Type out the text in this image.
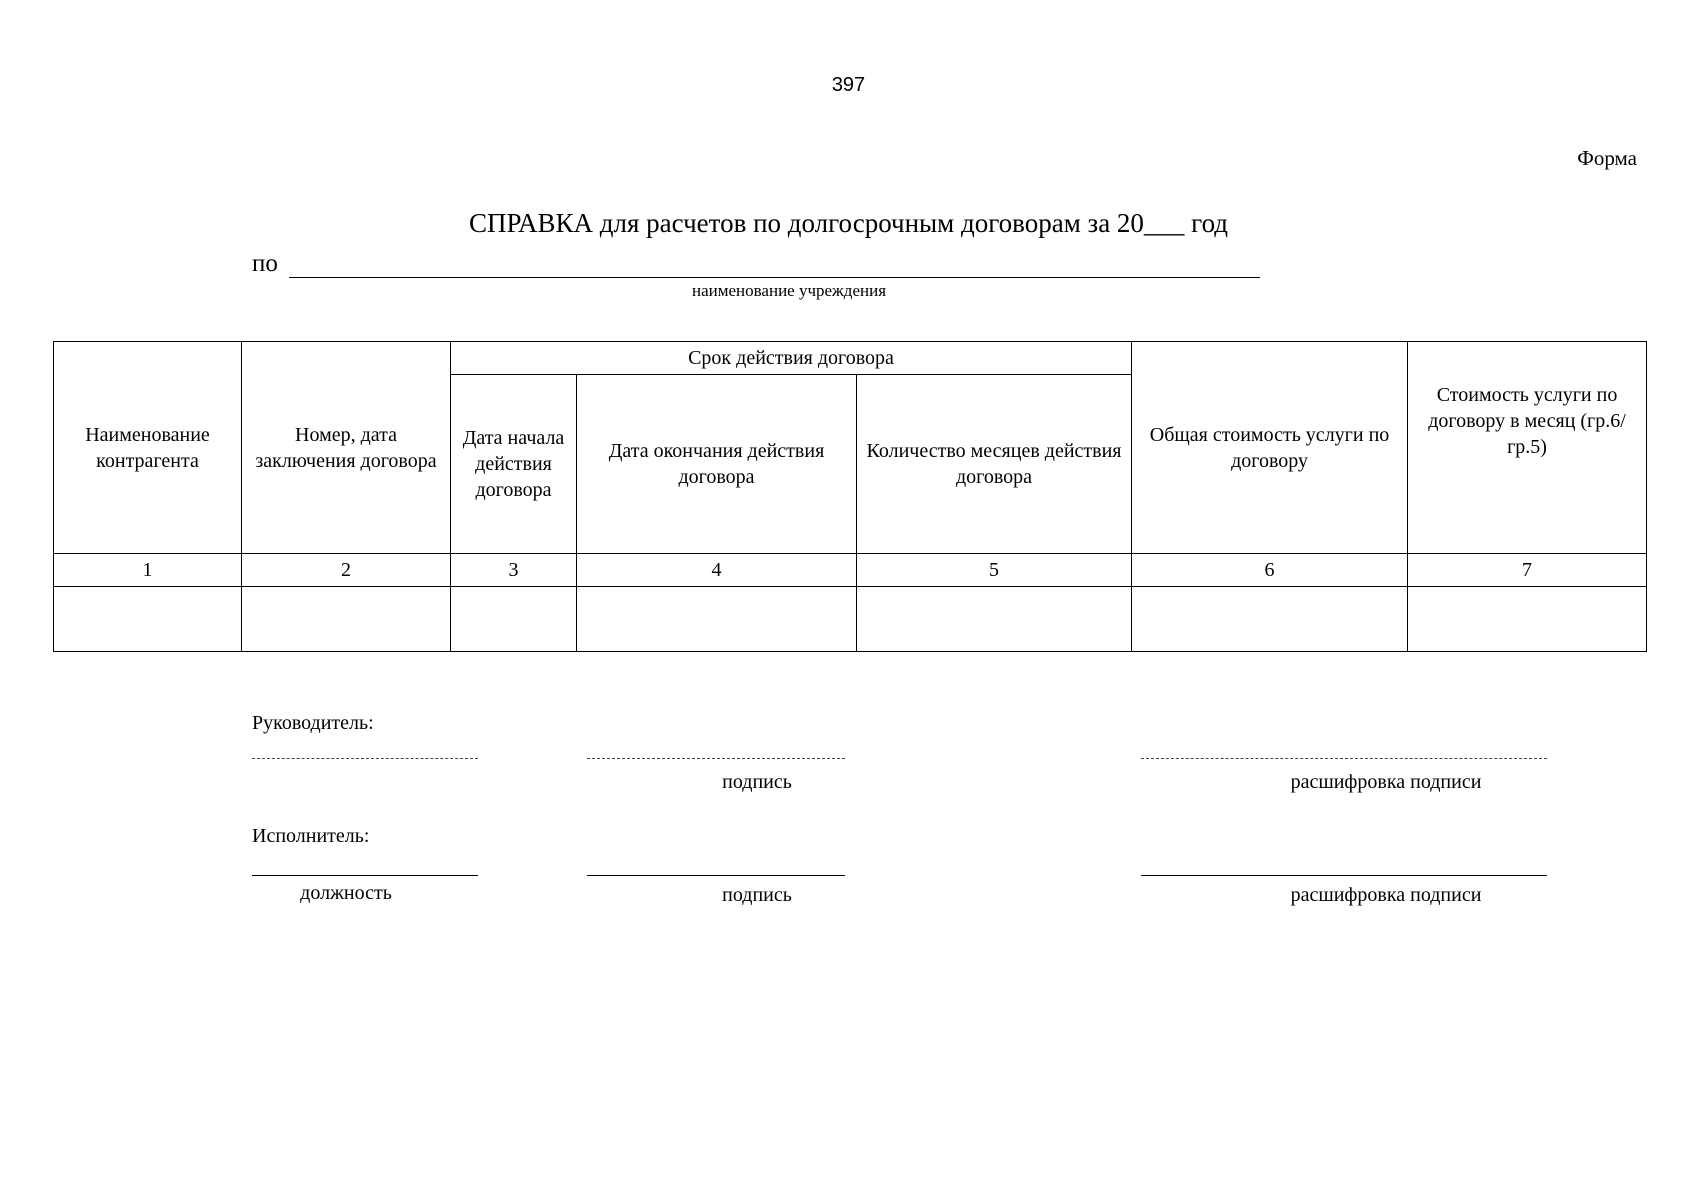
397
Форма
СПРАВКА для расчетов по долгосрочным договорам за 20___ год
по
наименование учреждения
Наименование контрагента	Номер, дата заключения договора	Срок действия договора			Общая стоимость услуги по договору	Стоимость услуги по договору в месяц (гр.6/гр.5)
		Дата начала действия договора	Дата окончания действия договора	Количество месяцев действия договора		
1	2	3	4	5	6	7

Руководитель:
подпись	расшифровка подписи
Исполнитель:
должность	подпись	расшифровка подписи
